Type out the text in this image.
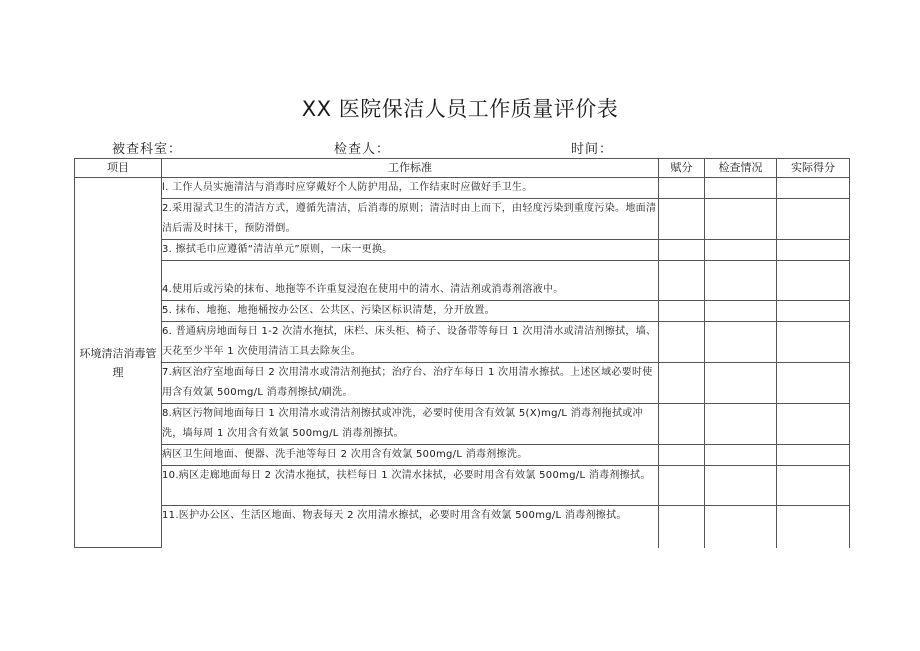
XX 医院保洁人员工作质量评价表
被查科室：	检查人：	时间：
项目	工作标准	赋分	检查情况	实际得分
环境清洁消毒管理	l. 工作人员实施清洁与消毒时应穿戴好个人防护用品，工作结束时应做好手卫生。			
	2.采用湿式卫生的清洁方式，遵循先清洁，后消毒的原则；清洁时由上而下，由轻度污染到重度污染。地面清洁后需及时抹干，预防滑倒。			
	3. 擦拭毛巾应遵循“清洁单元”原则，一床一更换。			
	4.使用后或污染的抹布、地拖等不许重复浸泡在使用中的清水、清洁剂或消毒剂溶液中。			
	5. 抹布、地拖、地拖桶按办公区、公共区、污染区标识清楚，分开放置。			
	6. 普通病房地面每日 1-2 次清水拖拭，床栏、床头柜、椅子、设备带等每日 1 次用清水或清洁剂擦拭，墙、天花至少半年 1 次使用清洁工具去除灰尘。			
	7.病区治疗室地面每日 2 次用清水或清洁剂拖拭；治疗台、治疗车每日 1 次用清水擦拭。上述区域必要时使用含有效氯 500mg/L 消毒剂擦拭/刷洗。			
	8.病区污物间地面每日 1 次用清水或清洁剂擦拭或冲洗，必要时使用含有效氯 5(X)mg/L 消毒剂拖拭或冲洗，墙每周 1 次用含有效氯 500mg/L 消毒剂擦拭。			
	病区卫生间地面、便器、洗手池等每日 2 次用含有效氯 500mg/L 消毒剂擦洗。			
	10.病区走廊地面每日 2 次清水拖拭，扶栏每日 1 次清水抹拭，必要时用含有效氯 500mg/L 消毒剂擦拭。			
	11.医护办公区、生活区地面、物表每天 2 次用清水擦拭，必要时用含有效氯 500mg/L 消毒剂擦拭。			
